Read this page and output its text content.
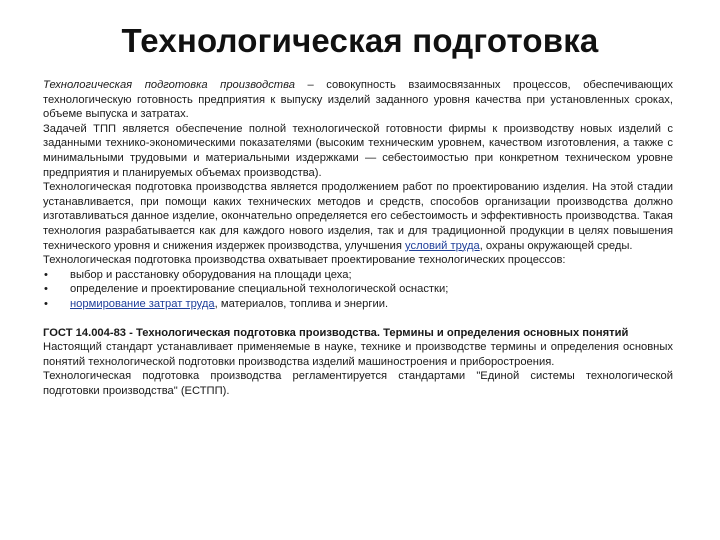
Технологическая подготовка

Технологическая подготовка производства – совокупность взаимосвязанных процессов, обеспечивающих технологическую готовность предприятия к выпуску изделий заданного уровня качества при установленных сроках, объеме выпуска и затратах.

Задачей ТПП является обеспечение полной технологической готовности фирмы к производству новых изделий с заданными технико-экономическими показателями (высоким техническим уровнем, качеством изготовления, а также с минимальными трудовыми и материальными издержками — себестоимостью при конкретном техническом уровне предприятия и планируемых объемах производства).

Технологическая подготовка производства является продолжением работ по проектированию изделия. На этой стадии устанавливается, при помощи каких технических методов и средств, способов организации производства должно изготавливаться данное изделие, окончательно определяется его себестоимость и эффективность производства. Такая технология разрабатывается как для каждого нового изделия, так и для традиционной продукции в целях повышения технического уровня и снижения издержек производства, улучшения условий труда, охраны окружающей среды.

Технологическая подготовка производства охватывает проектирование технологических процессов:

• выбор и расстановку оборудования на площади цеха;
• определение и проектирование специальной технологической оснастки;
• нормирование затрат труда, материалов, топлива и энергии.

ГОСТ 14.004-83 - Технологическая подготовка производства. Термины и определения основных понятий

Настоящий стандарт устанавливает применяемые в науке, технике и производстве термины и определения основных понятий технологической подготовки производства изделий машиностроения и приборостроения.

Технологическая подготовка производства регламентируется стандартами "Единой системы технологической подготовки производства" (ЕСТПП).
